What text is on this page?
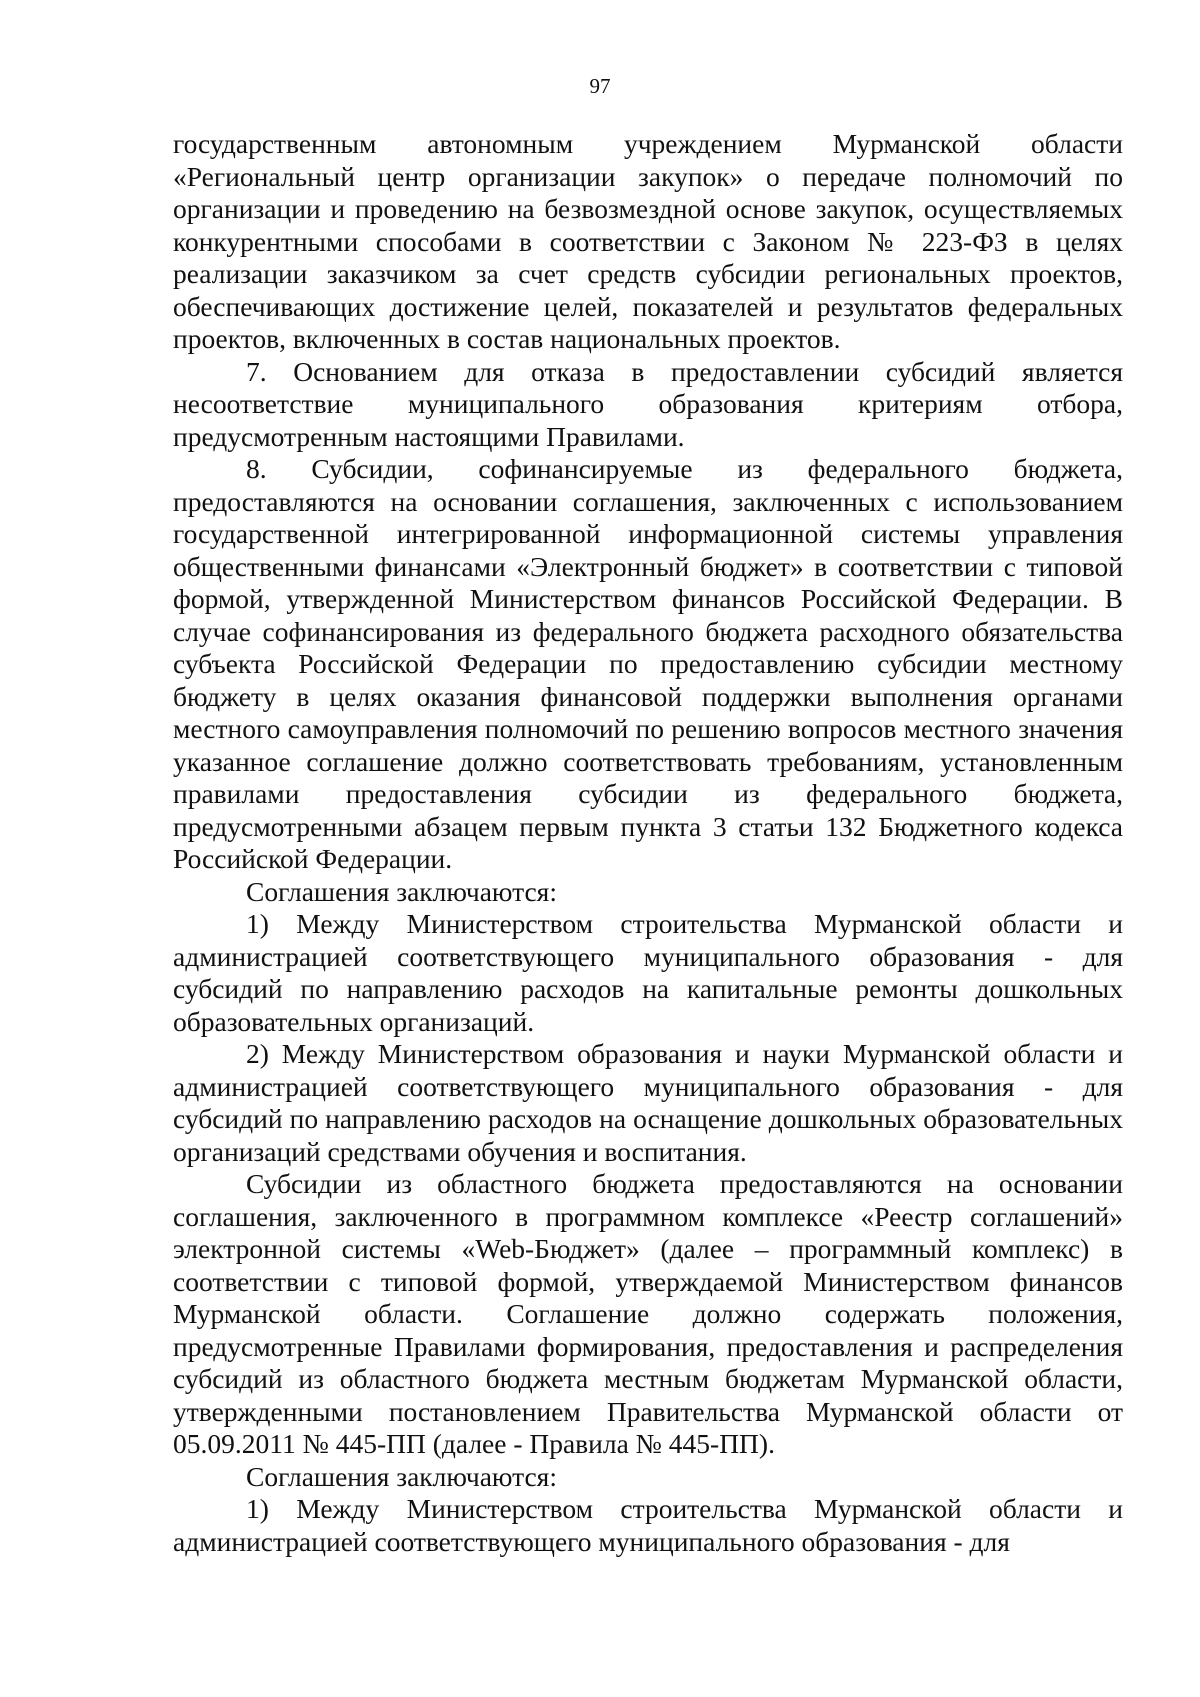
97

государственным автономным учреждением Мурманской области «Региональный центр организации закупок» о передаче полномочий по организации и проведению на безвозмездной основе закупок, осуществляемых конкурентными способами в соответствии с Законом № 223-ФЗ в целях реализации заказчиком за счет средств субсидии региональных проектов, обеспечивающих достижение целей, показателей и результатов федеральных проектов, включенных в состав национальных проектов.

7. Основанием для отказа в предоставлении субсидий является несоответствие муниципального образования критериям отбора, предусмотренным настоящими Правилами.

8. Субсидии, софинансируемые из федерального бюджета, предоставляются на основании соглашения, заключенных с использованием государственной интегрированной информационной системы управления общественными финансами «Электронный бюджет» в соответствии с типовой формой, утвержденной Министерством финансов Российской Федерации. В случае софинансирования из федерального бюджета расходного обязательства субъекта Российской Федерации по предоставлению субсидии местному бюджету в целях оказания финансовой поддержки выполнения органами местного самоуправления полномочий по решению вопросов местного значения указанное соглашение должно соответствовать требованиям, установленным правилами предоставления субсидии из федерального бюджета, предусмотренными абзацем первым пункта 3 статьи 132 Бюджетного кодекса Российской Федерации.

Соглашения заключаются:

1) Между Министерством строительства Мурманской области и администрацией соответствующего муниципального образования - для субсидий по направлению расходов на капитальные ремонты дошкольных образовательных организаций.

2) Между Министерством образования и науки Мурманской области и администрацией соответствующего муниципального образования - для субсидий по направлению расходов на оснащение дошкольных образовательных организаций средствами обучения и воспитания.

Субсидии из областного бюджета предоставляются на основании соглашения, заключенного в программном комплексе «Реестр соглашений» электронной системы «Web-Бюджет» (далее – программный комплекс) в соответствии с типовой формой, утверждаемой Министерством финансов Мурманской области. Соглашение должно содержать положения, предусмотренные Правилами формирования, предоставления и распределения субсидий из областного бюджета местным бюджетам Мурманской области, утвержденными постановлением Правительства Мурманской области от 05.09.2011 № 445-ПП (далее - Правила № 445-ПП).

Соглашения заключаются:

1) Между Министерством строительства Мурманской области и администрацией соответствующего муниципального образования - для
